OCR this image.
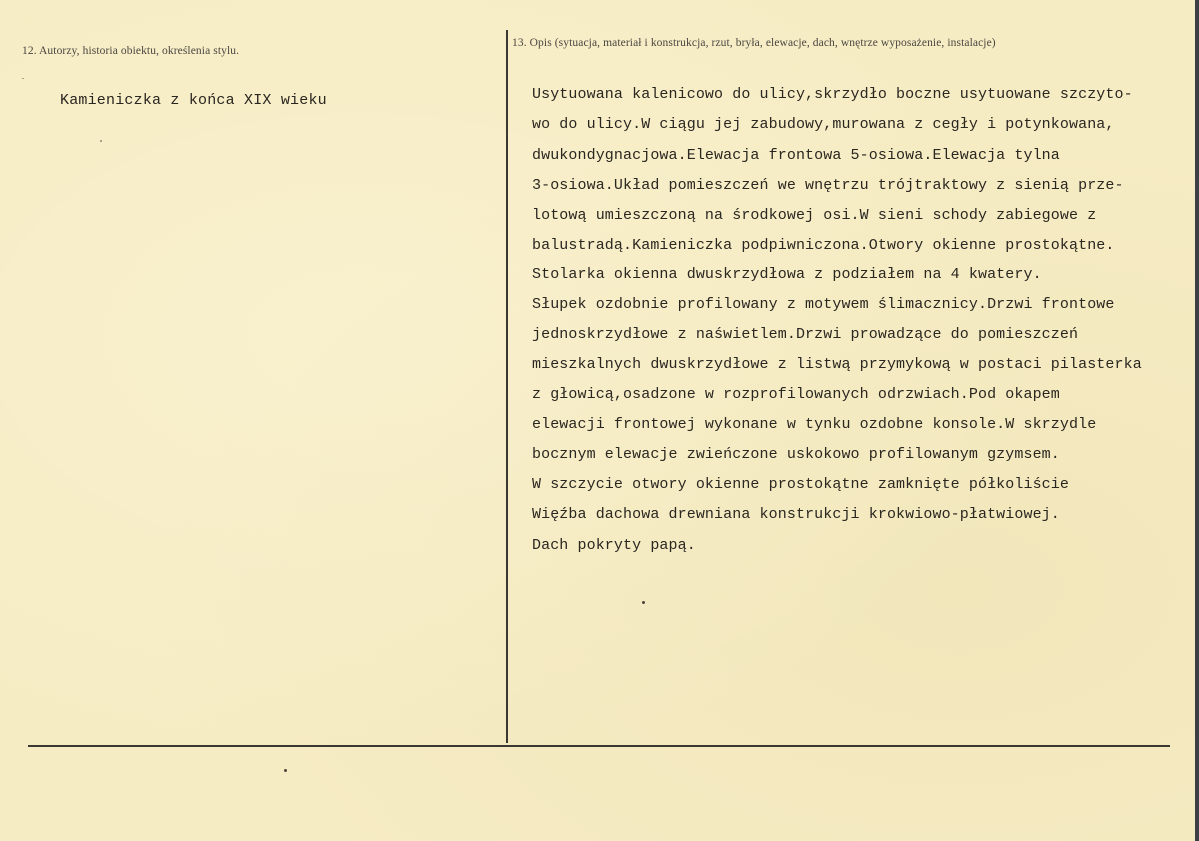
12. Autorzy, historia obiektu, określenia stylu.
13. Opis (sytuacja, materiał i konstrukcja, rzut, bryła, elewacje, dach, wnętrze wyposażenie, instalacje)
Kamieniczka z końca XIX wieku	Usytuowana kalenicowo do ulicy,skrzydło boczne usytuowane szczyto-
wo do ulicy.W ciągu jej zabudowy,murowana z cegły i potynkowana,
dwukondygnacjowa.Elewacja frontowa 5-osiowa.Elewacja tylna
3-osiowa.Układ pomieszczeń we wnętrzu trójtraktowy z sienią prze-
lotową umieszczoną na środkowej osi.W sieni schody zabiegowe z
balustradą.Kamieniczka podpiwniczona.Otwory okienne prostokątne.
Stolarka okienna dwuskrzydłowa z podziałem na 4 kwatery.
Słupek ozdobnie profilowany z motywem ślimacznicy.Drzwi frontowe
jednoskrzydłowe z naświetlem.Drzwi prowadzące do pomieszczeń
mieszkalnych dwuskrzydłowe z listwą przymykową w postaci pilasterka
z głowicą,osadzone w rozprofilowanych odrzwiach.Pod okapem
elewacji frontowej wykonane w tynku ozdobne konsole.W skrzydle
bocznym elewacje zwieńczone uskokowo profilowanym gzymsem.
W szczycie otwory okienne prostokątne zamknięte półkoliście
Więźba dachowa drewniana konstrukcji krokwiowo-płatwiowej.
Dach pokryty papą.
